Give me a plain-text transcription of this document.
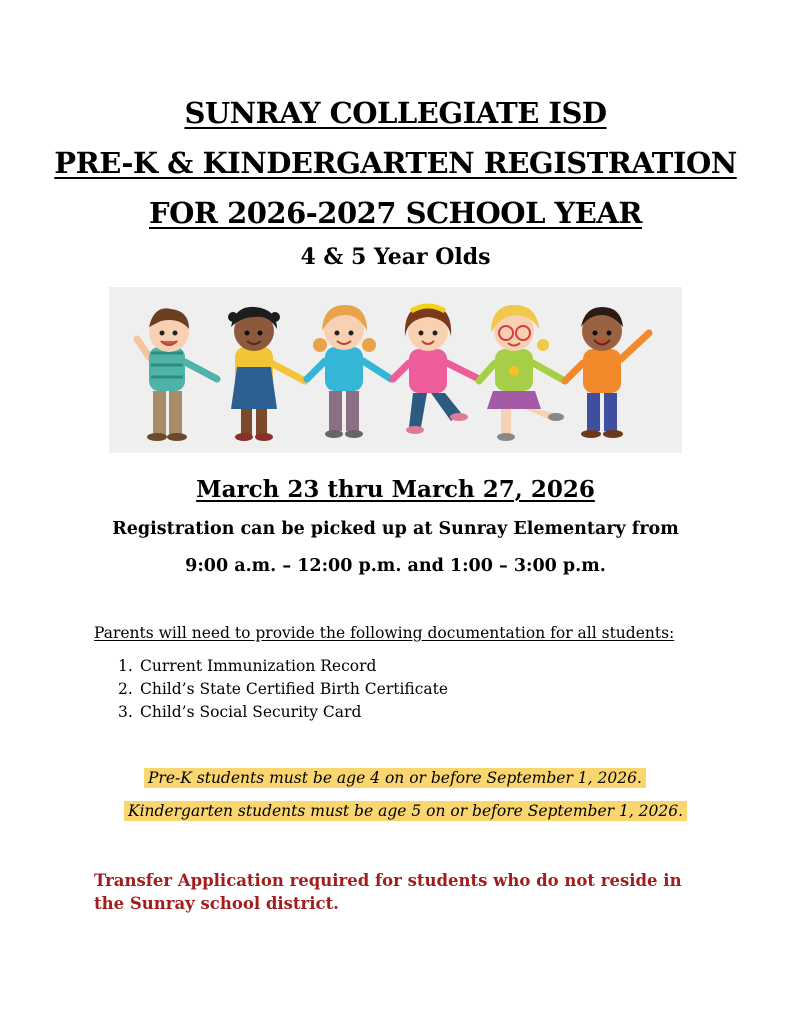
SUNRAY COLLEGIATE ISD
PRE-K & KINDERGARTEN REGISTRATION
FOR 2026-2027 SCHOOL YEAR
4 & 5 Year Olds
March 23 thru March 27, 2026
Registration can be picked up at Sunray Elementary from
9:00 a.m. – 12:00 p.m. and 1:00 – 3:00 p.m.
Parents will need to provide the following documentation for all students:
1. Current Immunization Record
2. Child’s State Certified Birth Certificate
3. Child’s Social Security Card
Pre-K students must be age 4 on or before September 1, 2026.
Kindergarten students must be age 5 on or before September 1, 2026.
Transfer Application required for students who do not reside in the Sunray school district.
